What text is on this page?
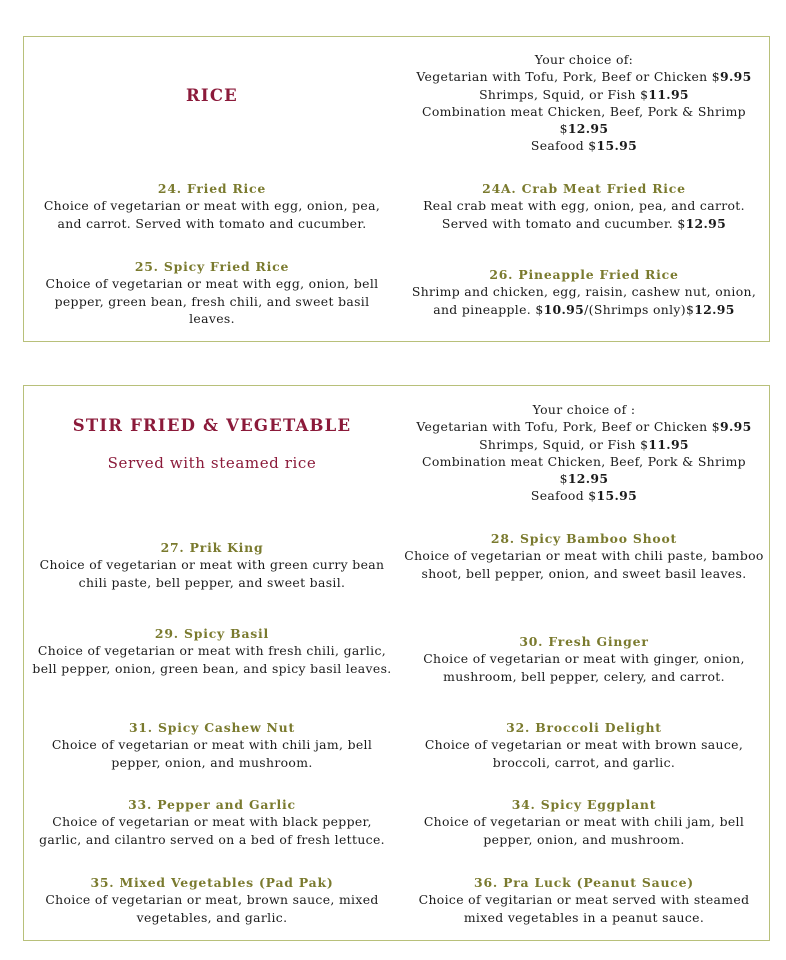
RICE
Your choice of:
Vegetarian with Tofu, Pork, Beef or Chicken $9.95
Shrimps, Squid, or Fish $11.95
Combination meat Chicken, Beef, Pork & Shrimp
$12.95
Seafood $15.95
24. Fried Rice
Choice of vegetarian or meat with egg, onion, pea, and carrot. Served with tomato and cucumber.
24A. Crab Meat Fried Rice
Real crab meat with egg, onion, pea, and carrot. Served with tomato and cucumber. $12.95
25. Spicy Fried Rice
Choice of vegetarian or meat with egg, onion, bell pepper, green bean, fresh chili, and sweet basil leaves.
26. Pineapple Fried Rice
Shrimp and chicken, egg, raisin, cashew nut, onion, and pineapple. $10.95/(Shrimps only)$12.95
STIR FRIED & VEGETABLE
Served with steamed rice
Your choice of :
Vegetarian with Tofu, Pork, Beef or Chicken $9.95
Shrimps, Squid, or Fish $11.95
Combination meat Chicken, Beef, Pork & Shrimp
$12.95
Seafood $15.95
27. Prik King
Choice of vegetarian or meat with green curry bean chili paste, bell pepper, and sweet basil.
28. Spicy Bamboo Shoot
Choice of vegetarian or meat with chili paste, bamboo shoot, bell pepper, onion, and sweet basil leaves.
29. Spicy Basil
Choice of vegetarian or meat with fresh chili, garlic, bell pepper, onion, green bean, and spicy basil leaves.
30. Fresh Ginger
Choice of vegetarian or meat with ginger, onion, mushroom, bell pepper, celery, and carrot.
31. Spicy Cashew Nut
Choice of vegetarian or meat with chili jam, bell pepper, onion, and mushroom.
32. Broccoli Delight
Choice of vegetarian or meat with brown sauce, broccoli, carrot, and garlic.
33. Pepper and Garlic
Choice of vegetarian or meat with black pepper, garlic, and cilantro served on a bed of fresh lettuce.
34. Spicy Eggplant
Choice of vegetarian or meat with chili jam, bell pepper, onion, and mushroom.
35. Mixed Vegetables (Pad Pak)
Choice of vegetarian or meat, brown sauce, mixed vegetables, and garlic.
36. Pra Luck (Peanut Sauce)
Choice of vegitarian or meat served with steamed mixed vegetables in a peanut sauce.
